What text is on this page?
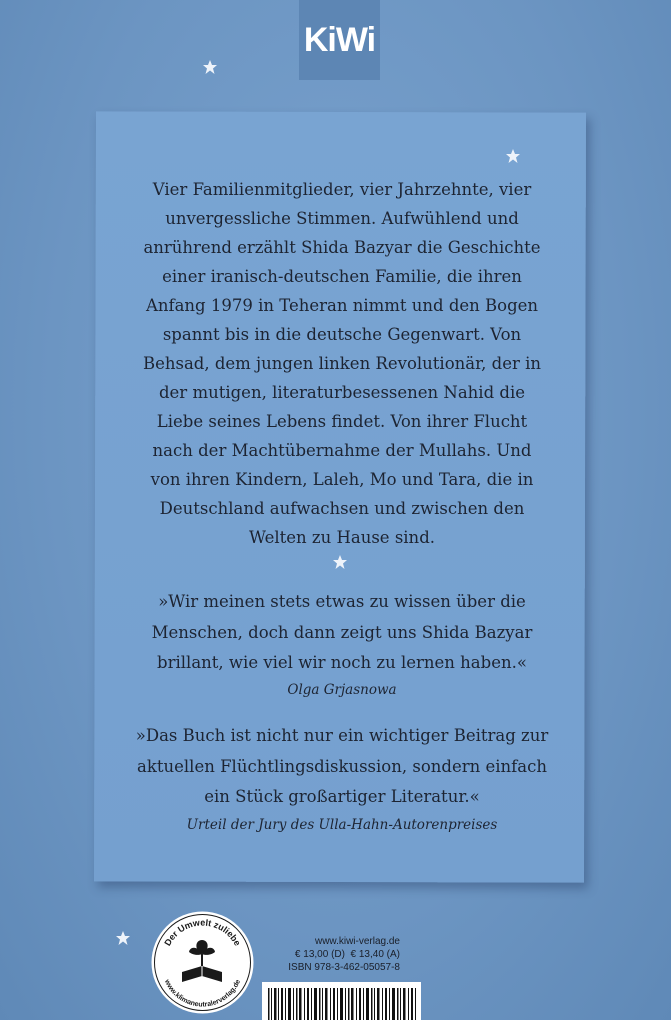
KiWi

Vier Familienmitglieder, vier Jahrzehnte, vier unvergessliche Stimmen. Aufwühlend und anrührend erzählt Shida Bazyar die Geschichte einer iranisch-deutschen Familie, die ihren Anfang 1979 in Teheran nimmt und den Bogen spannt bis in die deutsche Gegenwart. Von Behsad, dem jungen linken Revolutionär, der in der mutigen, literaturbesessenen Nahid die Liebe seines Lebens findet. Von ihrer Flucht nach der Machtübernahme der Mullahs. Und von ihren Kindern, Laleh, Mo und Tara, die in Deutschland aufwachsen und zwischen den Welten zu Hause sind.

»Wir meinen stets etwas zu wissen über die Menschen, doch dann zeigt uns Shida Bazyar brillant, wie viel wir noch zu lernen haben.«

Olga Grjasnowa

»Das Buch ist nicht nur ein wichtiger Beitrag zur aktuellen Flüchtlingsdiskussion, sondern einfach ein Stück großartiger Literatur.«

Urteil der Jury des Ulla-Hahn-Autorenpreises

Der Umwelt zuliebe
www.klimaneutralerverlag.de
www.kiwi-verlag.de
€ 13,00 (D) € 13,40 (A)
ISBN 978-3-462-05057-8
